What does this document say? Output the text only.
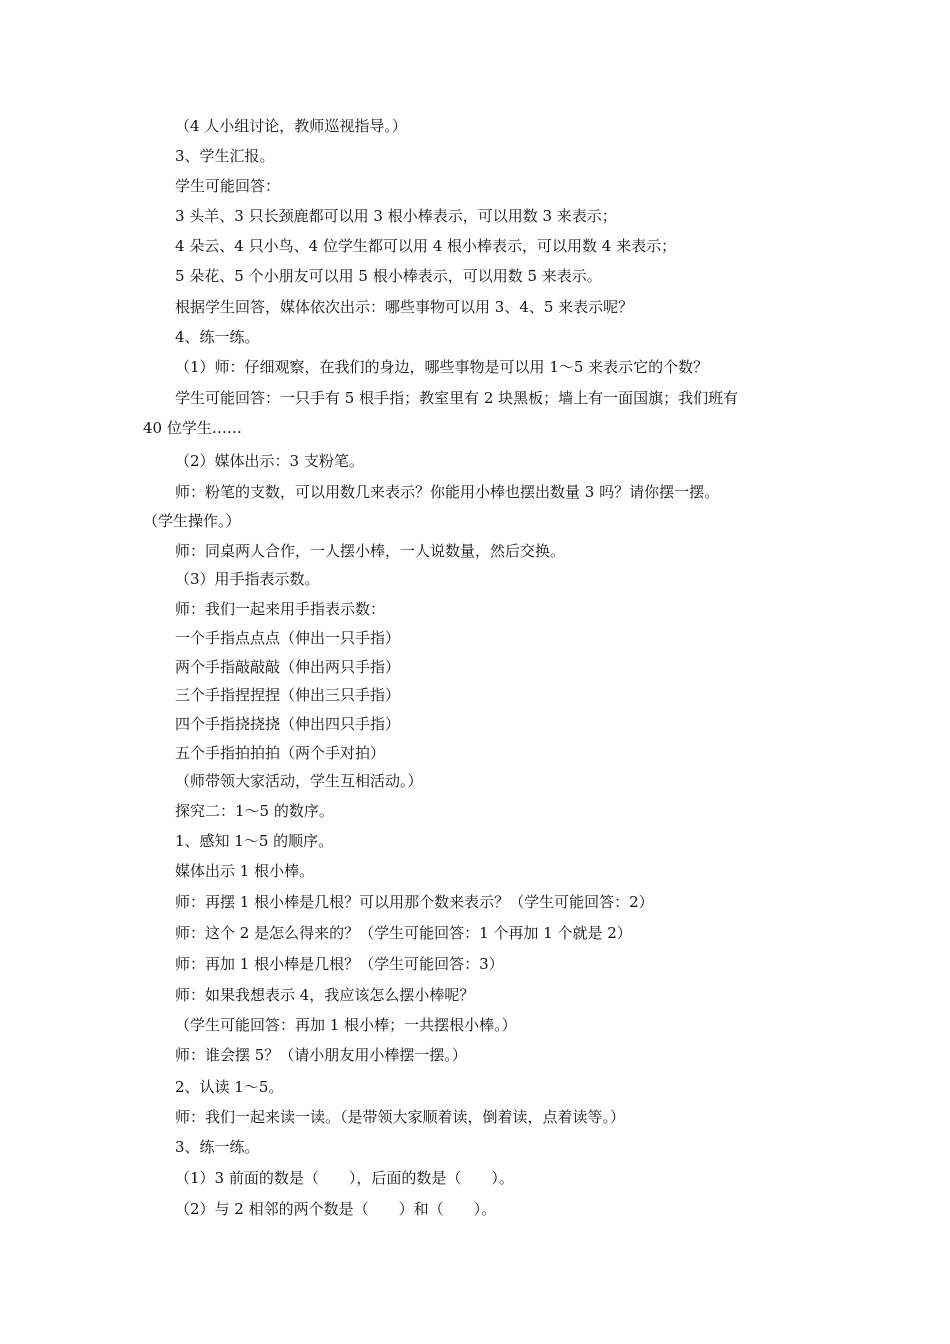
（4 人小组讨论，教师巡视指导。）
3、学生汇报。
学生可能回答：
3 头羊、3 只长颈鹿都可以用 3 根小棒表示，可以用数 3 来表示；
4 朵云、4 只小鸟、4 位学生都可以用 4 根小棒表示，可以用数 4 来表示；
5 朵花、5 个小朋友可以用 5 根小棒表示，可以用数 5 来表示。
根据学生回答，媒体依次出示：哪些事物可以用 3、4、5 来表示呢？
4、练一练。
（1）师：仔细观察，在我们的身边，哪些事物是可以用 1～5 来表示它的个数？
学生可能回答：一只手有 5 根手指；教室里有 2 块黑板；墙上有一面国旗；我们班有
40 位学生……
（2）媒体出示：3 支粉笔。
师：粉笔的支数，可以用数几来表示？你能用小棒也摆出数量 3 吗？请你摆一摆。
（学生操作。）
师：同桌两人合作，一人摆小棒，一人说数量，然后交换。
（3）用手指表示数。
师：我们一起来用手指表示数：
一个手指点点点（伸出一只手指）
两个手指敲敲敲（伸出两只手指）
三个手指捏捏捏（伸出三只手指）
四个手指挠挠挠（伸出四只手指）
五个手指拍拍拍（两个手对拍）
（师带领大家活动，学生互相活动。）
探究二：1～5 的数序。
1、感知 1～5 的顺序。
媒体出示 1 根小棒。
师：再摆 1 根小棒是几根？可以用那个数来表示？（学生可能回答：2）
师：这个 2 是怎么得来的？（学生可能回答：1 个再加 1 个就是 2）
师：再加 1 根小棒是几根？（学生可能回答：3）
师：如果我想表示 4，我应该怎么摆小棒呢？
（学生可能回答：再加 1 根小棒；一共摆根小棒。）
师：谁会摆 5？（请小朋友用小棒摆一摆。）
2、认读 1～5。
师：我们一起来读一读。（是带领大家顺着读，倒着读，点着读等。）
3、练一练。
（1）3 前面的数是（　　），后面的数是（　　）。
（2）与 2 相邻的两个数是（　　）和（　　）。
